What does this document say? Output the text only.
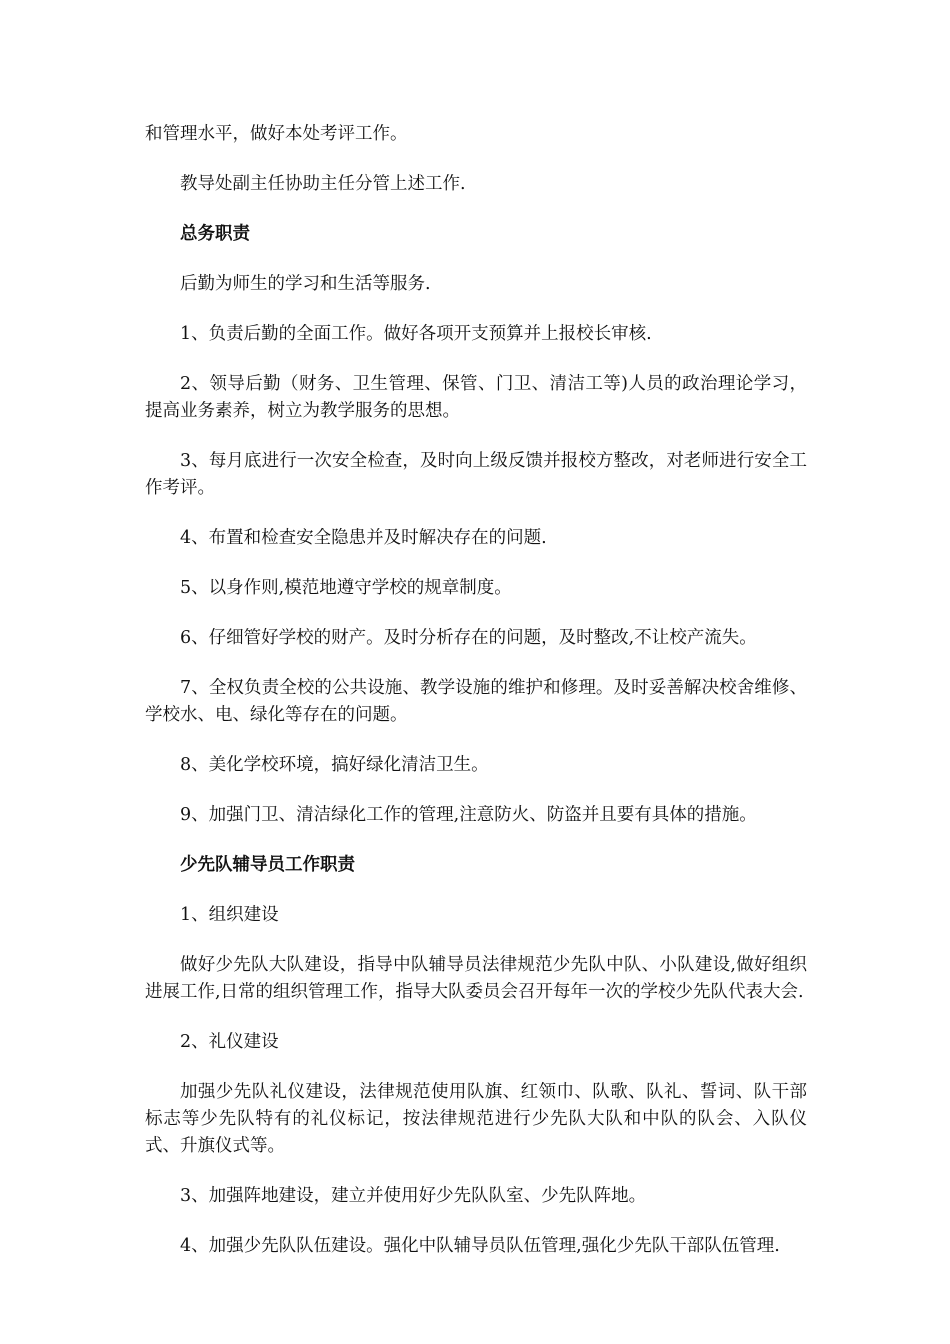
和管理水平，做好本处考评工作。

教导处副主任协助主任分管上述工作.

总务职责

后勤为师生的学习和生活等服务.

1、负责后勤的全面工作。做好各项开支预算并上报校长审核.

2、领导后勤（财务、卫生管理、保管、门卫、清洁工等)人员的政治理论学习，提高业务素养，树立为教学服务的思想。

3、每月底进行一次安全检查，及时向上级反馈并报校方整改，对老师进行安全工作考评。

4、布置和检查安全隐患并及时解决存在的问题.

5、以身作则,模范地遵守学校的规章制度。

6、仔细管好学校的财产。及时分析存在的问题，及时整改,不让校产流失。

7、全权负责全校的公共设施、教学设施的维护和修理。及时妥善解决校舍维修、学校水、电、绿化等存在的问题。

8、美化学校环境，搞好绿化清洁卫生。

9、加强门卫、清洁绿化工作的管理,注意防火、防盗并且要有具体的措施。

少先队辅导员工作职责

1、组织建设

做好少先队大队建设，指导中队辅导员法律规范少先队中队、小队建设,做好组织进展工作,日常的组织管理工作，指导大队委员会召开每年一次的学校少先队代表大会.

2、礼仪建设

加强少先队礼仪建设，法律规范使用队旗、红领巾、队歌、队礼、誓词、队干部标志等少先队特有的礼仪标记，按法律规范进行少先队大队和中队的队会、入队仪式、升旗仪式等。

3、加强阵地建设，建立并使用好少先队队室、少先队阵地。

4、加强少先队队伍建设。强化中队辅导员队伍管理,强化少先队干部队伍管理.
